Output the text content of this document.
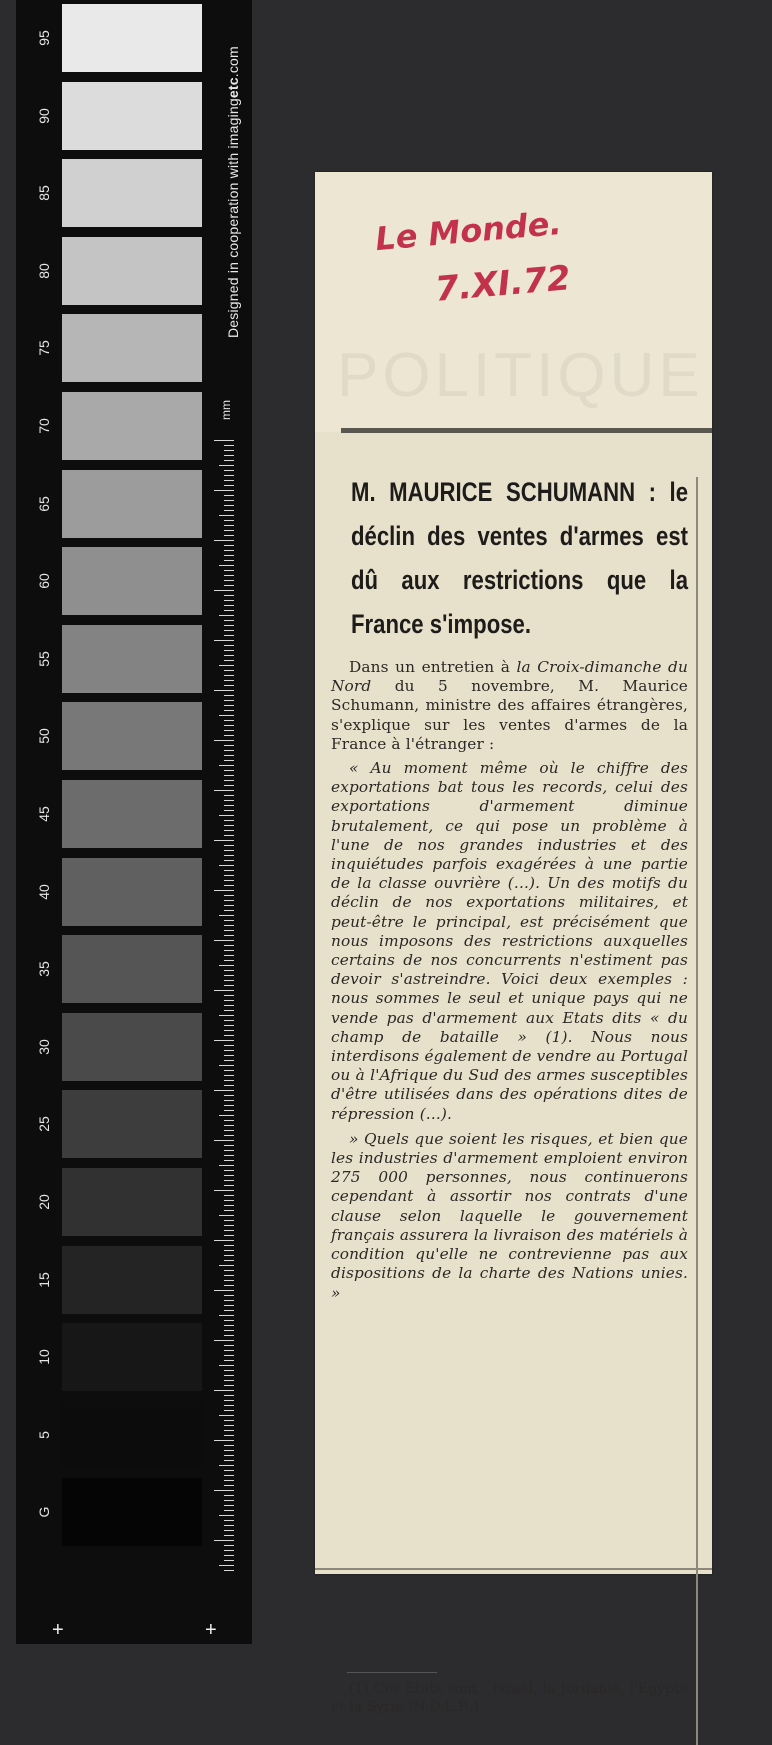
95
90
85
80
75
70
65
60
55
50
45
40
35
30
25
20
15
10
5
G
mm
Designed in cooperation with imagingetc.com
+	+
POLITIQUE
Le Monde.
7.XI.72
M. MAURICE SCHUMANN : le déclin des ventes d'armes est dû aux restrictions que la France s'impose.

Dans un entretien à la Croix-dimanche du Nord du 5 novembre, M. Maurice Schumann, ministre des affaires étrangères, s'explique sur les ventes d'armes de la France à l'étranger :

« Au moment même où le chiffre des exportations bat tous les records, celui des exportations d'armement diminue brutalement, ce qui pose un problème à l'une de nos grandes industries et des inquiétudes parfois exagérées à une partie de la classe ouvrière (...). Un des motifs du déclin de nos exportations militaires, et peut-être le principal, est précisément que nous imposons des restrictions auxquelles certains de nos concurrents n'estiment pas devoir s'astreindre. Voici deux exemples : nous sommes le seul et unique pays qui ne vende pas d'armement aux Etats dits « du champ de bataille » (1). Nous nous interdisons également de vendre au Portugal ou à l'Afrique du Sud des armes susceptibles d'être utilisées dans des opérations dites de répression (...).

» Quels que soient les risques, et bien que les industries d'armement emploient environ 275 000 personnes, nous continuerons cependant à assortir nos contrats d'une clause selon laquelle le gouvernement français assurera la livraison des matériels à condition qu'elle ne contrevienne pas aux dispositions de la charte des Nations unies. »

(1) Ces Etats sont : Israël, la Jordanie, l'Egypte et la Syrie (N.D.L.R.).
